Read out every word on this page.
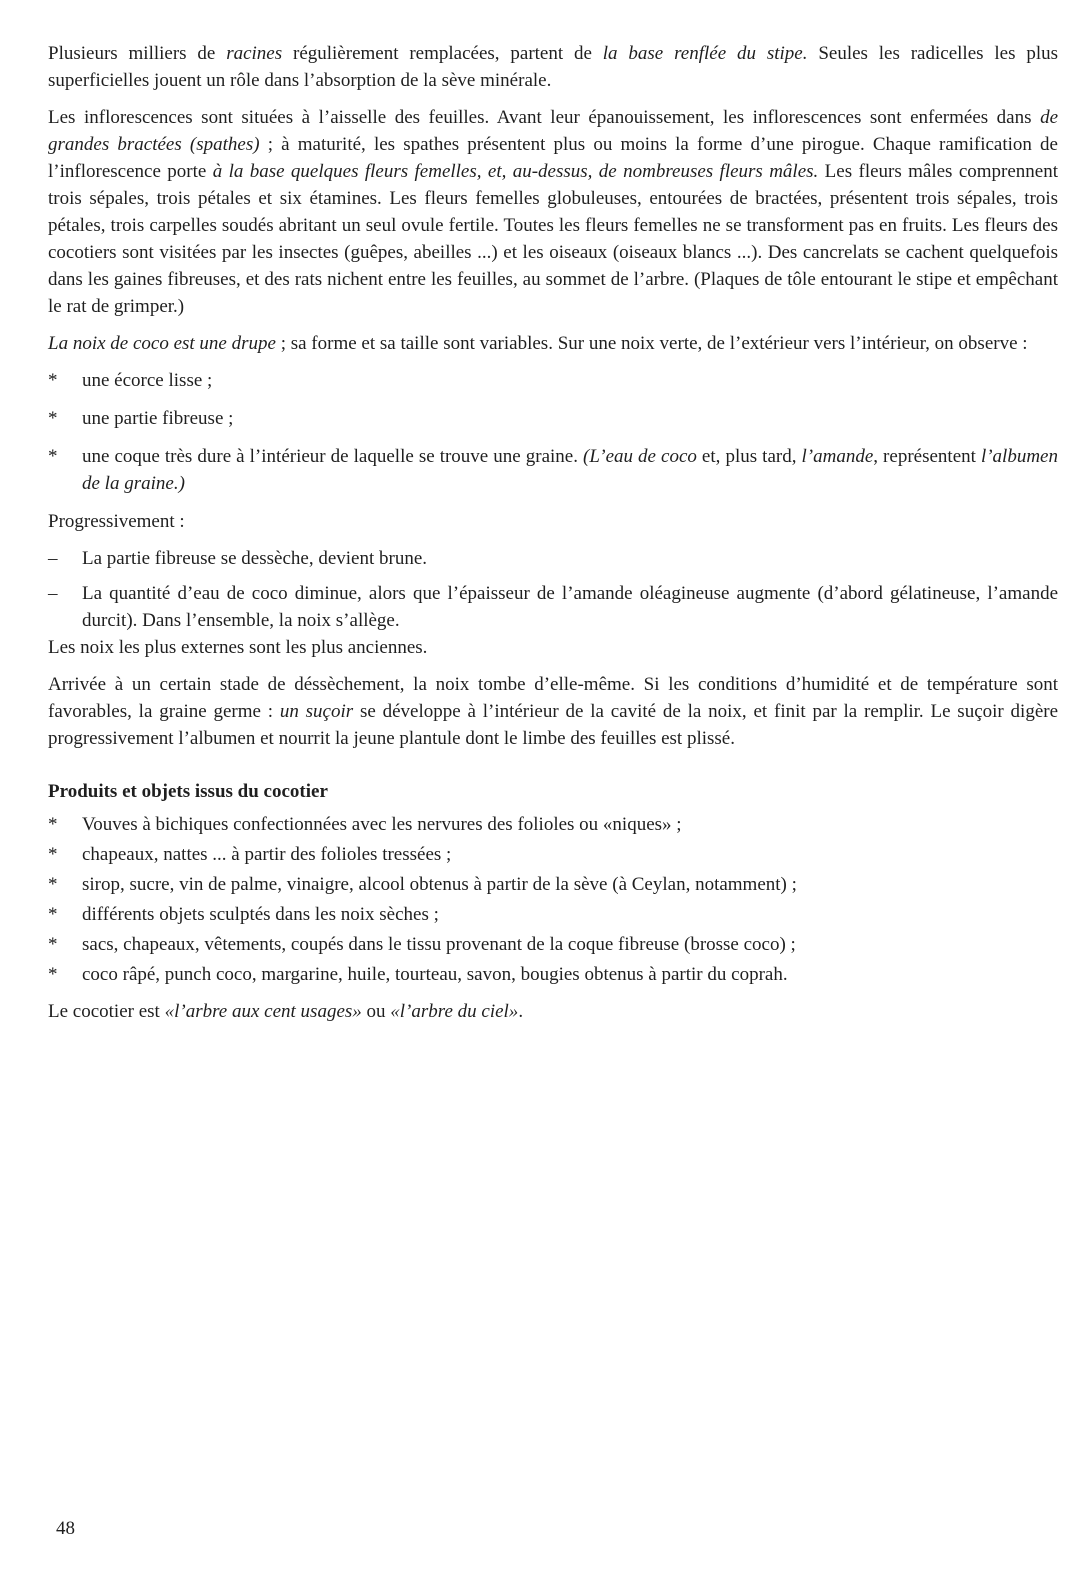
Plusieurs milliers de racines régulièrement remplacées, partent de la base renflée du stipe. Seules les radicelles les plus superficielles jouent un rôle dans l’absorption de la sève minérale.

Les inflorescences sont situées à l’aisselle des feuilles. Avant leur épanouissement, les inflorescences sont enfermées dans de grandes bractées (spathes) ; à maturité, les spathes présentent plus ou moins la forme d’une pirogue. Chaque ramification de l’inflorescence porte à la base quelques fleurs femelles, et, au-dessus, de nombreuses fleurs mâles. Les fleurs mâles comprennent trois sépales, trois pétales et six étamines. Les fleurs femelles globuleuses, entourées de bractées, présentent trois sépales, trois pétales, trois carpelles soudés abritant un seul ovule fertile. Toutes les fleurs femelles ne se transforment pas en fruits. Les fleurs des cocotiers sont visitées par les insectes (guêpes, abeilles ...) et les oiseaux (oiseaux blancs ...). Des cancrelats se cachent quelquefois dans les gaines fibreuses, et des rats nichent entre les feuilles, au sommet de l’arbre. (Plaques de tôle entourant le stipe et empêchant le rat de grimper.)

La noix de coco est une drupe ; sa forme et sa taille sont variables. Sur une noix verte, de l’extérieur vers l’intérieur, on observe :

*	une écorce lisse ;
*	une partie fibreuse ;
*	une coque très dure à l’intérieur de laquelle se trouve une graine. (L’eau de coco et, plus tard, l’amande, représentent l’albumen de la graine.)

Progressivement :

–	La partie fibreuse se dessèche, devient brune.
–	La quantité d’eau de coco diminue, alors que l’épaisseur de l’amande oléagineuse augmente (d’abord gélatineuse, l’amande durcit). Dans l’ensemble, la noix s’allège.

Les noix les plus externes sont les plus anciennes.

Arrivée à un certain stade de déssèchement, la noix tombe d’elle-même. Si les conditions d’humidité et de température sont favorables, la graine germe : un suçoir se développe à l’intérieur de la cavité de la noix, et finit par la remplir. Le suçoir digère progressivement l’albumen et nourrit la jeune plantule dont le limbe des feuilles est plissé.

Produits et objets issus du cocotier
*	Vouves à bichiques confectionnées avec les nervures des folioles ou «niques» ;
*	chapeaux, nattes ... à partir des folioles tressées ;
*	sirop, sucre, vin de palme, vinaigre, alcool obtenus à partir de la sève (à Ceylan, notamment) ;
*	différents objets sculptés dans les noix sèches ;
*	sacs, chapeaux, vêtements, coupés dans le tissu provenant de la coque fibreuse (brosse coco) ;
*	coco râpé, punch coco, margarine, huile, tourteau, savon, bougies obtenus à partir du coprah.

Le cocotier est «l’arbre aux cent usages» ou «l’arbre du ciel».

48
